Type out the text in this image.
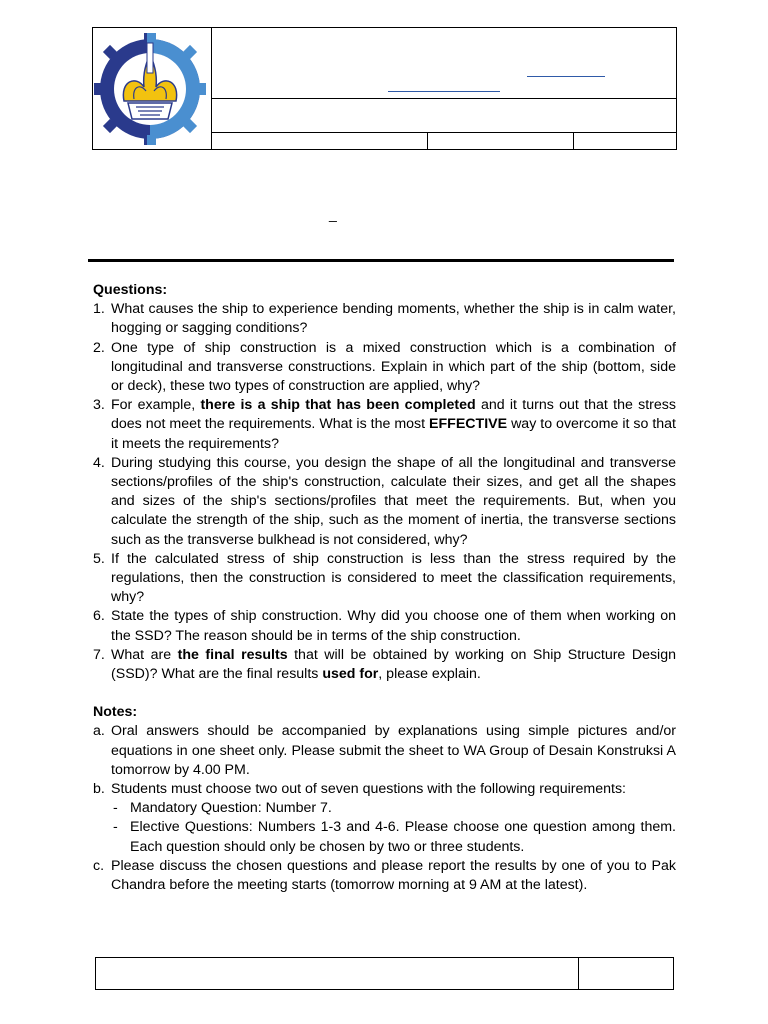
_
Questions:
1. What causes the ship to experience bending moments, whether the ship is in calm water, hogging or sagging conditions?
2. One type of ship construction is a mixed construction which is a combination of longitudinal and transverse constructions. Explain in which part of the ship (bottom, side or deck), these two types of construction are applied, why?
3. For example, there is a ship that has been completed and it turns out that the stress does not meet the requirements. What is the most EFFECTIVE way to overcome it so that it meets the requirements?
4. During studying this course, you design the shape of all the longitudinal and transverse sections/profiles of the ship's construction, calculate their sizes, and get all the shapes and sizes of the ship's sections/profiles that meet the requirements. But, when you calculate the strength of the ship, such as the moment of inertia, the transverse sections such as the transverse bulkhead is not considered, why?
5. If the calculated stress of ship construction is less than the stress required by the regulations, then the construction is considered to meet the classification requirements, why?
6. State the types of ship construction. Why did you choose one of them when working on the SSD? The reason should be in terms of the ship construction.
7. What are the final results that will be obtained by working on Ship Structure Design (SSD)? What are the final results used for, please explain.
Notes:
a. Oral answers should be accompanied by explanations using simple pictures and/or equations in one sheet only. Please submit the sheet to WA Group of Desain Konstruksi A tomorrow by 4.00 PM.
b. Students must choose two out of seven questions with the following requirements:
- Mandatory Question: Number 7.
- Elective Questions: Numbers 1-3 and 4-6. Please choose one question among them. Each question should only be chosen by two or three students.
c. Please discuss the chosen questions and please report the results by one of you to Pak Chandra before the meeting starts (tomorrow morning at 9 AM at the latest).
